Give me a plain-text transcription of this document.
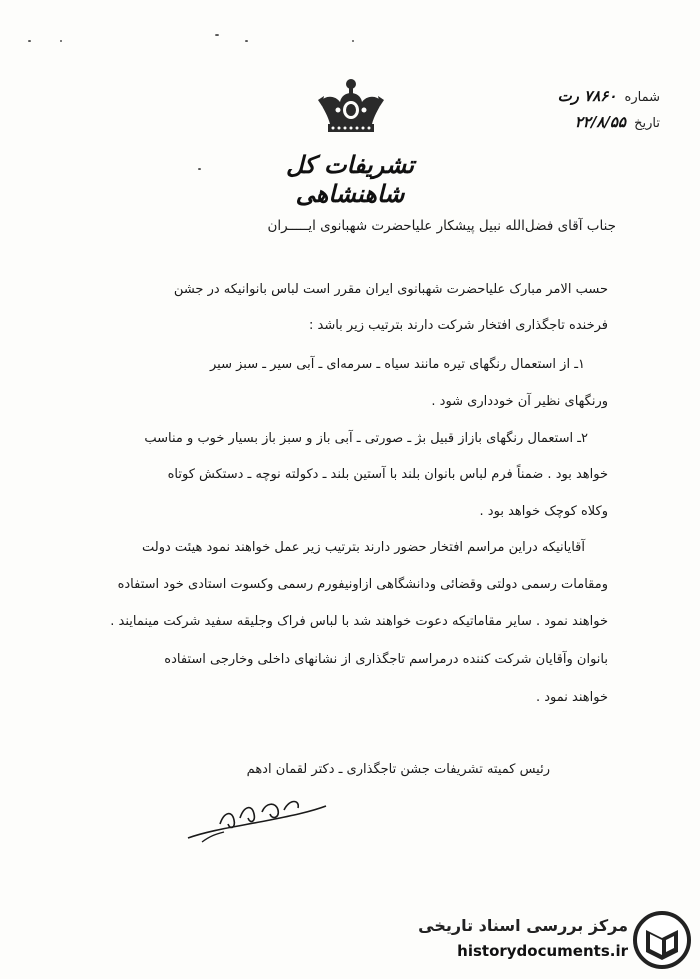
شماره ۷۸۶۰ رت
تاریخ ۲۲/۸/۵۵
تشریفات کل شاهنشاهی
جناب آقای فضل‌الله نبیل پیشکار علیاحضرت شهبانوی ایـــــران
حسب الامر مبارک علیاحضرت شهبانوی ایران مقرر است لباس بانوانیکه در جشن
فرخنده تاجگذاری افتخار شرکت دارند بترتیب زیر باشد :
۱ـ از استعمال رنگهای تیره مانند سیاه ـ سرمه‌ای ـ آبی سیر ـ سبز سیر
ورنگهای نظیر آن خودداری شود .
۲ـ استعمال رنگهای بازاز قبیل بژ ـ صورتی ـ آبی باز و سبز باز بسیار خوب و مناسب
خواهد بود . ضمناً فرم لباس بانوان بلند با آستین بلند ـ دکولته نوچه ـ دستکش کوتاه
وکلاه کوچک خواهد بود .
آقایانیکه دراین مراسم افتخار حضور دارند بترتیب زیر عمل خواهند نمود هیئت دولت
ومقامات رسمی دولتی وقضائی ودانشگاهی ازاونیفورم رسمی وکسوت استادی خود استفاده
خواهند نمود . سایر مقاماتیکه دعوت خواهند شد با لباس فراک وجلیقه سفید شرکت مینمایند .
بانوان وآقایان شرکت کننده درمراسم تاجگذاری از نشانهای داخلی وخارجی استفاده
خواهند نمود .
رئیس کمیته تشریفات جشن تاجگذاری ـ دکتر لقمان ادهم
مرکز بررسی اسناد تاریخی
historydocuments.ir
